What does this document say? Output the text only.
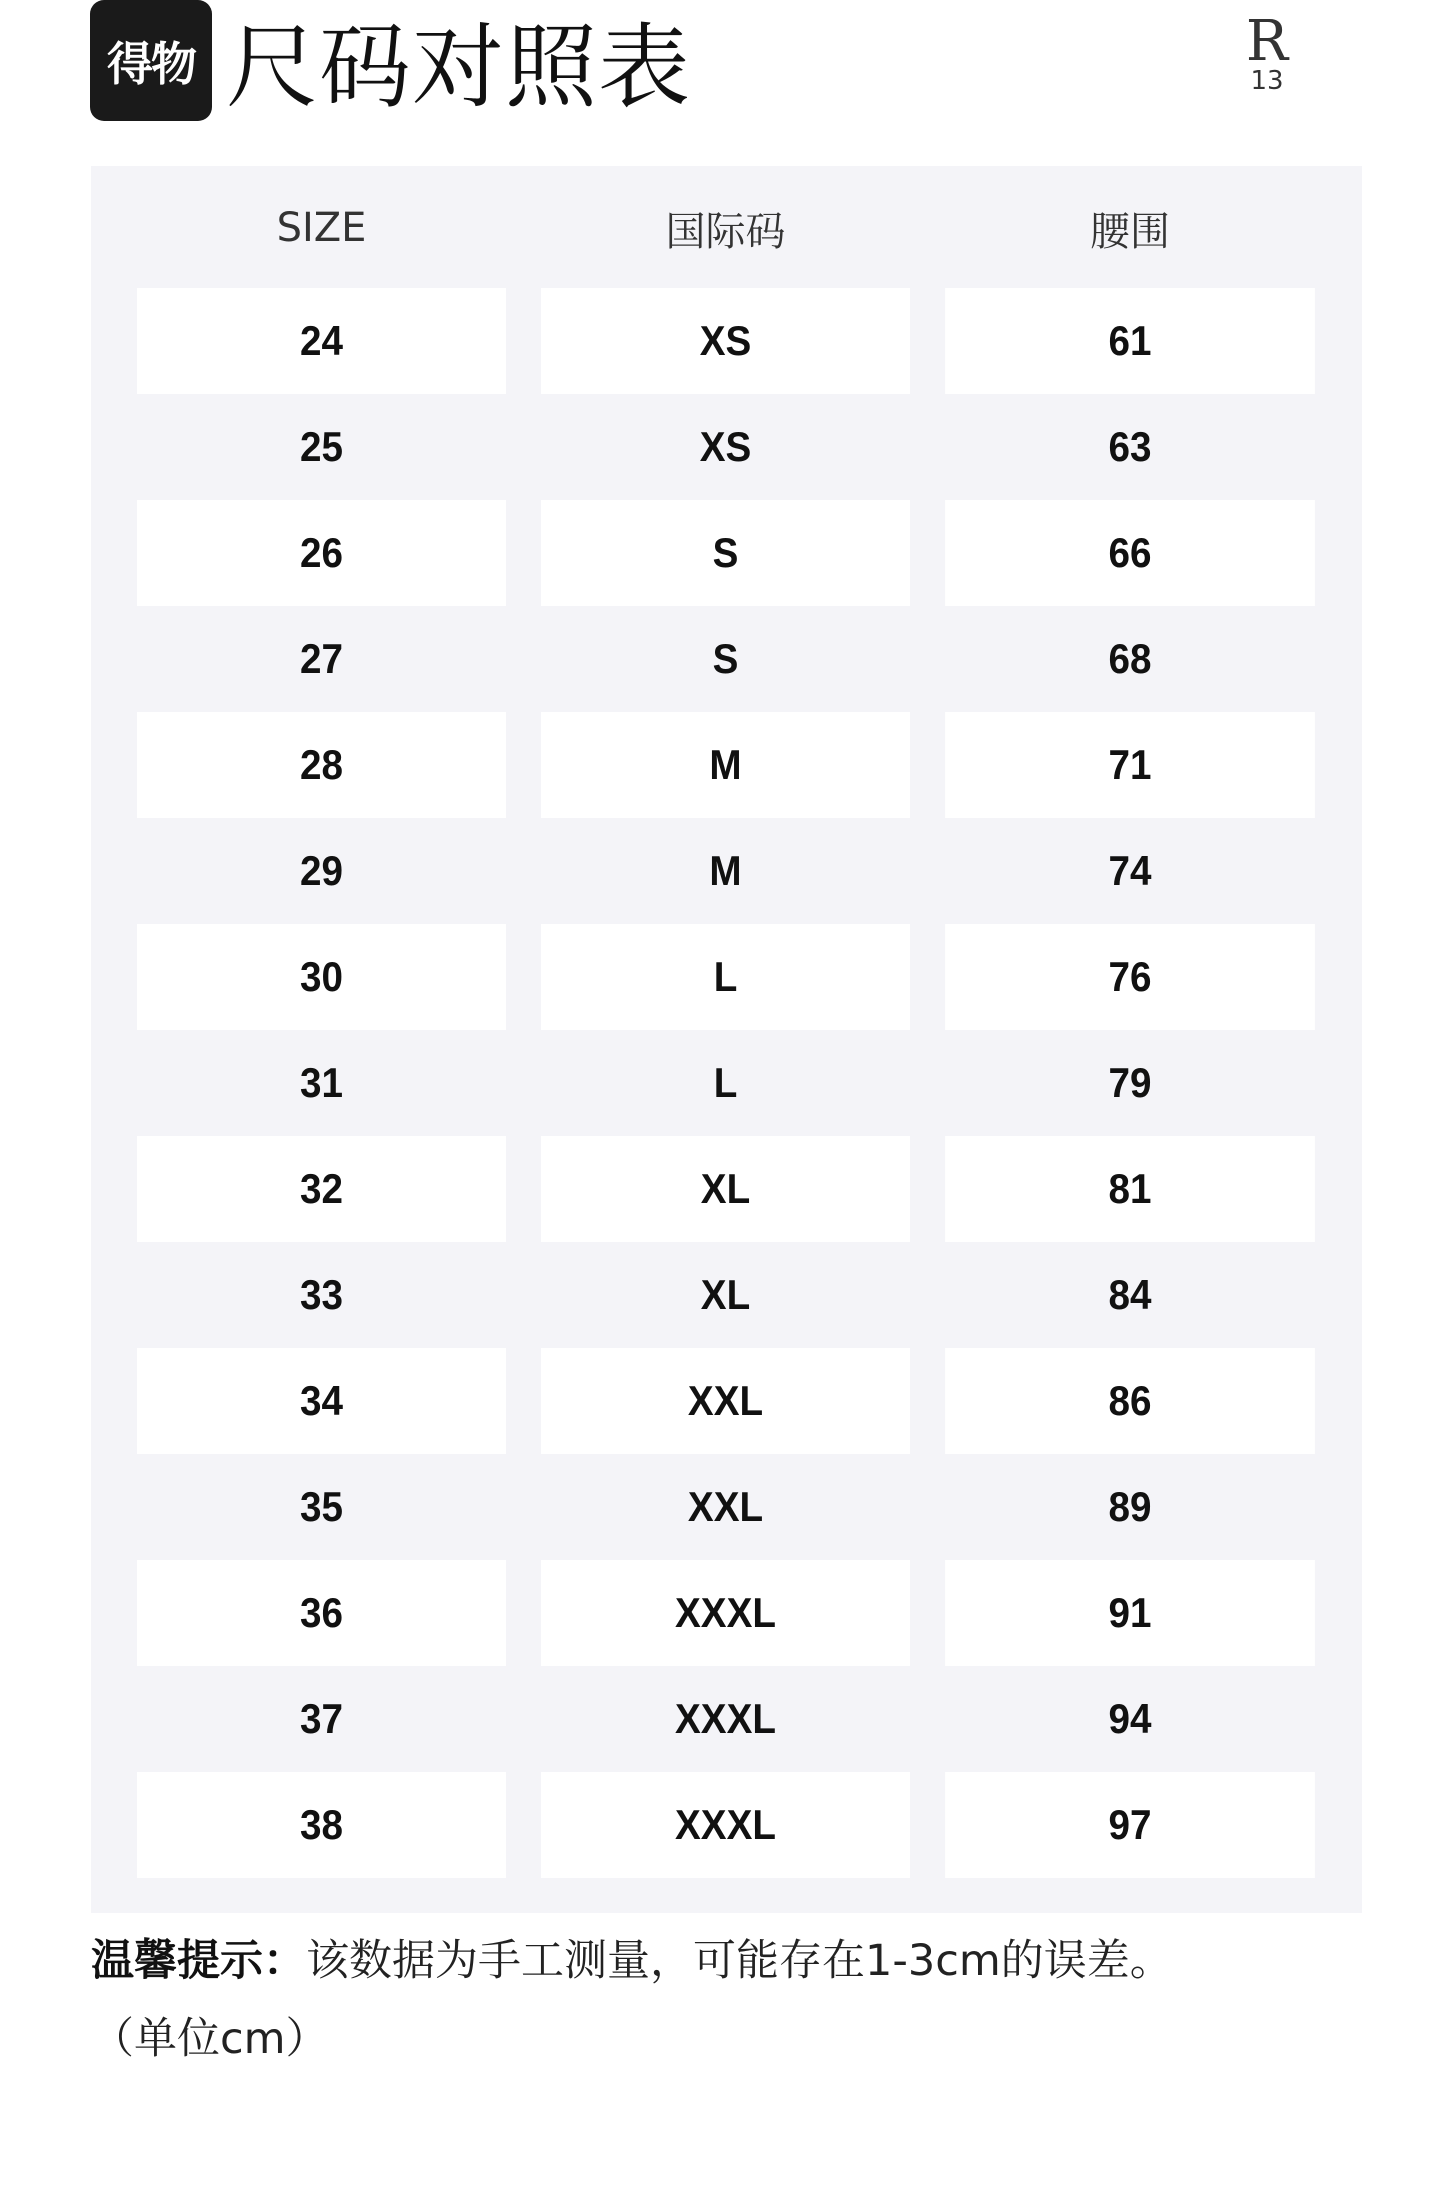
得物 尺码对照表	R
13
SIZE	国际码	腰围
24	XS	61
25	XS	63
26	S	66
27	S	68
28	M	71
29	M	74
30	L	76
31	L	79
32	XL	81
33	XL	84
34	XXL	86
35	XXL	89
36	XXXL	91
37	XXXL	94
38	XXXL	97
温馨提示：该数据为手工测量，可能存在1-3cm的误差。
（单位cm）
